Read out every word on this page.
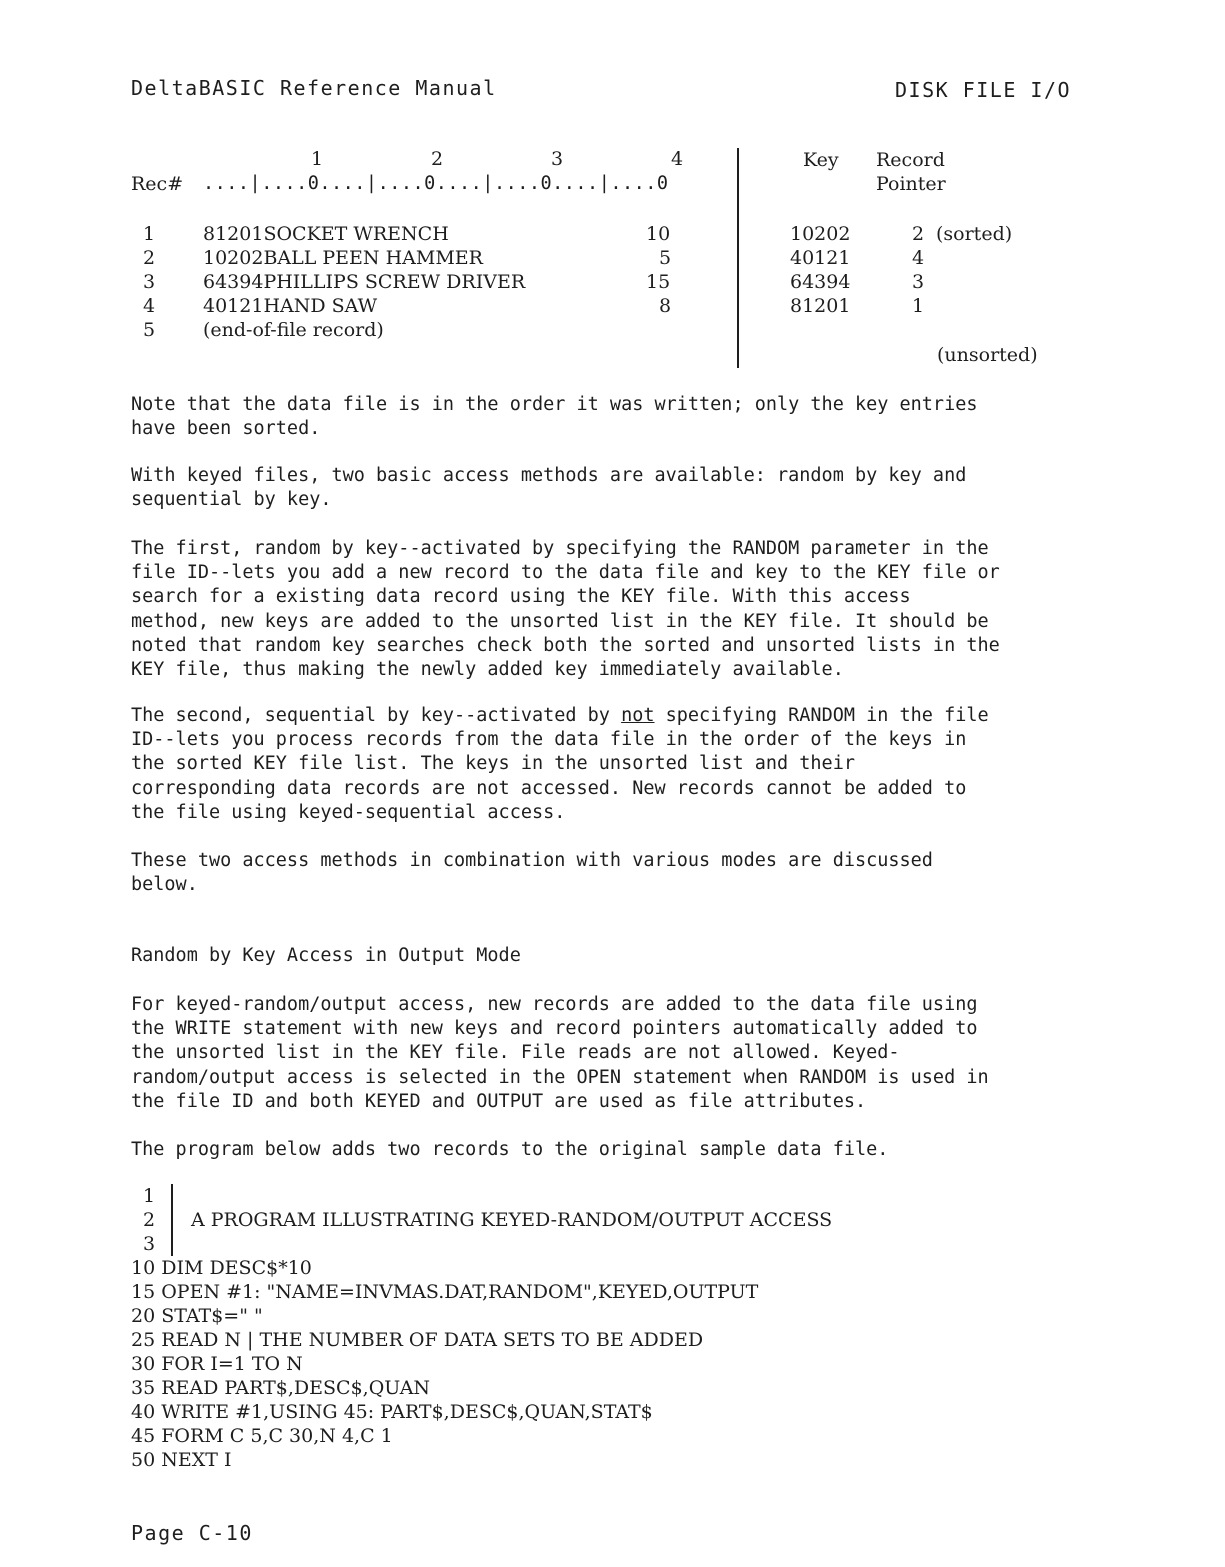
DeltaBASIC Reference Manual	DISK FILE I/O
1	2	3	4
Rec# ....|....0....|....0....|....0....|....0
1	81201SOCKET WRENCH	10
2	10202BALL PEEN HAMMER	5
3	64394PHILLIPS SCREW DRIVER	15
4	40121HAND SAW	8
5	(end-of-file record)
Key Record
Pointer
10202	2 (sorted)
40121	4
64394	3
81201	1
(unsorted)
Note that the data file is in the order it was written; only the key entries
have been sorted.
With keyed files, two basic access methods are available: random by key and
sequential by key.
The first, random by key--activated by specifying the RANDOM parameter in the
file ID--lets you add a new record to the data file and key to the KEY file or
search for a existing data record using the KEY file. With this access
method, new keys are added to the unsorted list in the KEY file. It should be
noted that random key searches check both the sorted and unsorted lists in the
KEY file, thus making the newly added key immediately available.
The second, sequential by key--activated by not specifying RANDOM in the file
ID--lets you process records from the data file in the order of the keys in
the sorted KEY file list. The keys in the unsorted list and their
corresponding data records are not accessed. New records cannot be added to
the file using keyed-sequential access.
These two access methods in combination with various modes are discussed
below.
Random by Key Access in Output Mode
For keyed-random/output access, new records are added to the data file using
the WRITE statement with new keys and record pointers automatically added to
the unsorted list in the KEY file. File reads are not allowed. Keyed-
random/output access is selected in the OPEN statement when RANDOM is used in
the file ID and both KEYED and OUTPUT are used as file attributes.
The program below adds two records to the original sample data file.
1
2 A PROGRAM ILLUSTRATING KEYED-RANDOM/OUTPUT ACCESS
3
10 DIM DESC$*10
15 OPEN #1: "NAME=INVMAS.DAT,RANDOM",KEYED,OUTPUT
20 STAT$=" "
25 READ N | THE NUMBER OF DATA SETS TO BE ADDED
30 FOR I=1 TO N
35 READ PART$,DESC$,QUAN
40 WRITE #1,USING 45: PART$,DESC$,QUAN,STAT$
45 FORM C 5,C 30,N 4,C 1
50 NEXT I
Page C-10
